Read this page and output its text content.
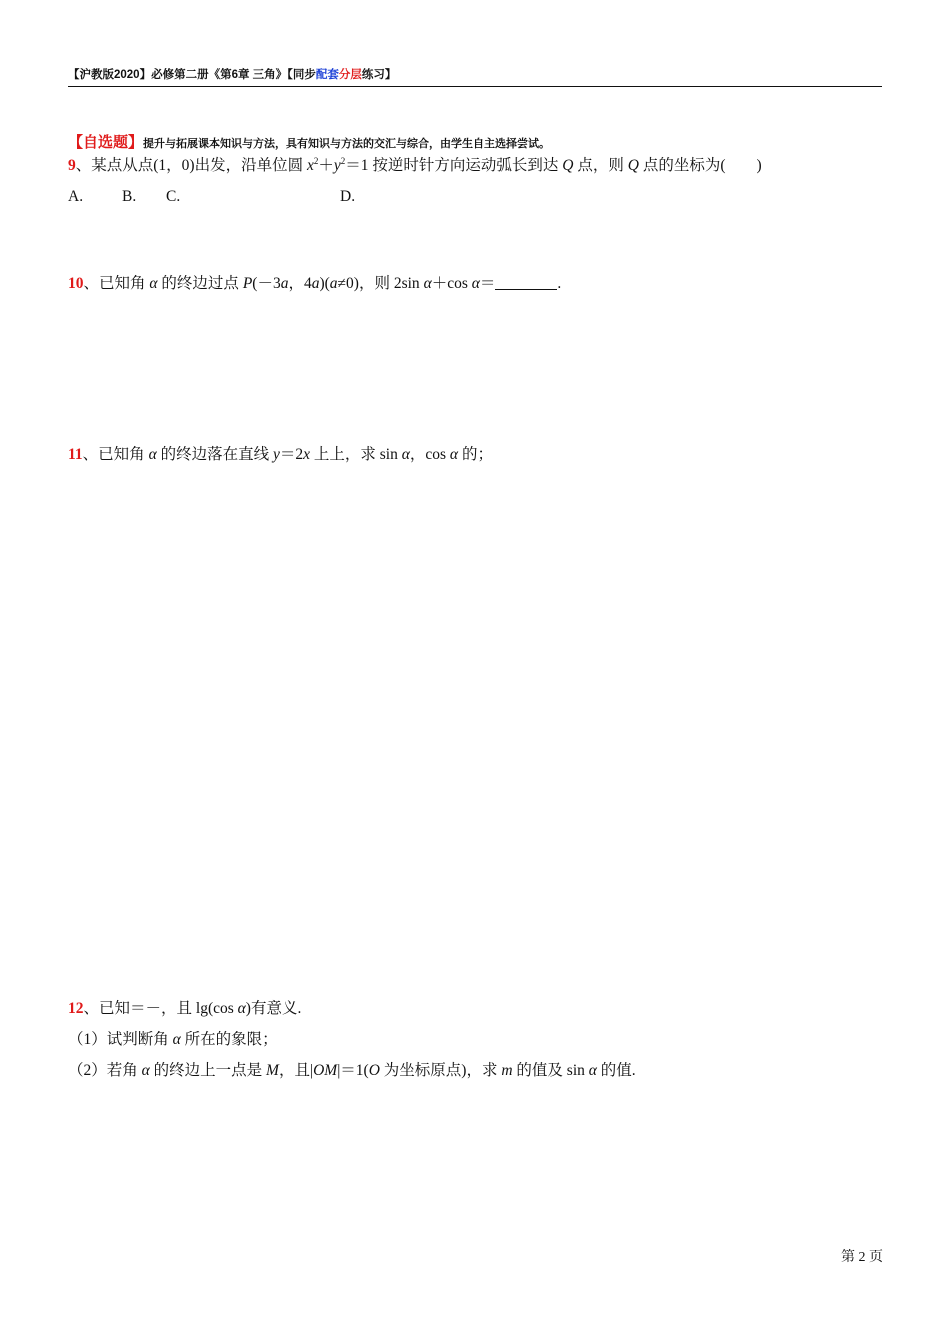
【沪教版2020】必修第二册《第6章 三角》【同步配套分层练习】
【自选题】提升与拓展课本知识与方法，具有知识与方法的交汇与综合，由学生自主选择尝试。
9、某点从点(1，0)出发，沿单位圆 $x^2+y^2=1$ 按逆时针方向运动弧长到达 Q 点，则 Q 点的坐标为(　　)
A.	B. C.	D.
10、已知角 α 的终边过点 P(－3a，4a)(a≠0)，则 2sin α＋cos α＝	.
11、已知角 α 的终边落在直线 y＝2x 上上，求 sin α，cos α 的；
12、已知＝－，且 lg(cos α)有意义.
（1）试判断角 α 所在的象限；
（2）若角 α 的终边上一点是 M，且|OM|＝1(O 为坐标原点)，求 m 的值及 sin α 的值.
第 2 页
